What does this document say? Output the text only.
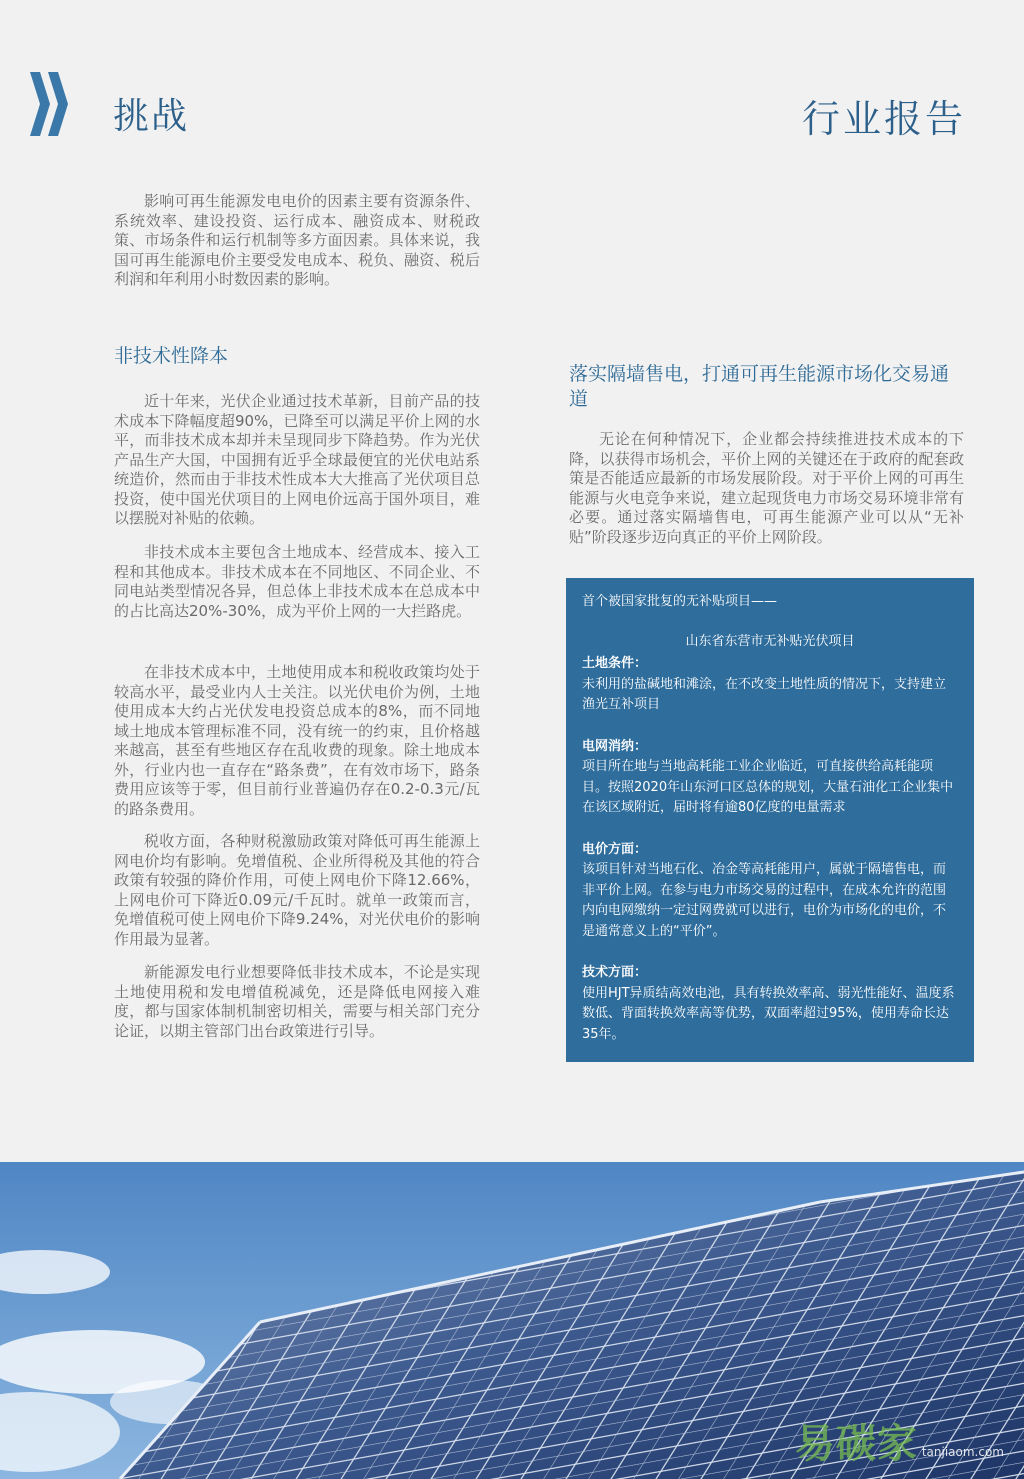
挑战	行业报告

影响可再生能源发电电价的因素主要有资源条件、系统效率、建设投资、运行成本、融资成本、财税政策、市场条件和运行机制等多方面因素。具体来说，我国可再生能源电价主要受发电成本、税负、融资、税后利润和年利用小时数因素的影响。

非技术性降本

近十年来，光伏企业通过技术革新，目前产品的技术成本下降幅度超90%，已降至可以满足平价上网的水平，而非技术成本却并未呈现同步下降趋势。作为光伏产品生产大国，中国拥有近乎全球最便宜的光伏电站系统造价，然而由于非技术性成本大大推高了光伏项目总投资，使中国光伏项目的上网电价远高于国外项目，难以摆脱对补贴的依赖。

非技术成本主要包含土地成本、经营成本、接入工程和其他成本。非技术成本在不同地区、不同企业、不同电站类型情况各异，但总体上非技术成本在总成本中的占比高达20%-30%，成为平价上网的一大拦路虎。

在非技术成本中，土地使用成本和税收政策均处于较高水平，最受业内人士关注。以光伏电价为例，土地使用成本大约占光伏发电投资总成本的8%，而不同地域土地成本管理标准不同，没有统一的约束，且价格越来越高，甚至有些地区存在乱收费的现象。除土地成本外，行业内也一直存在“路条费”，在有效市场下，路条费用应该等于零，但目前行业普遍仍存在0.2-0.3元/瓦的路条费用。

税收方面，各种财税激励政策对降低可再生能源上网电价均有影响。免增值税、企业所得税及其他的符合政策有较强的降价作用，可使上网电价下降12.66%，上网电价可下降近0.09元/千瓦时。就单一政策而言，免增值税可使上网电价下降9.24%，对光伏电价的影响作用最为显著。

新能源发电行业想要降低非技术成本，不论是实现土地使用税和发电增值税减免，还是降低电网接入难度，都与国家体制机制密切相关，需要与相关部门充分论证，以期主管部门出台政策进行引导。

落实隔墙售电，打通可再生能源市场化交易通道

无论在何种情况下，企业都会持续推进技术成本的下降，以获得市场机会，平价上网的关键还在于政府的配套政策是否能适应最新的市场发展阶段。对于平价上网的可再生能源与火电竞争来说，建立起现货电力市场交易环境非常有必要。通过落实隔墙售电，可再生能源产业可以从“无补贴”阶段逐步迈向真正的平价上网阶段。

首个被国家批复的无补贴项目——

山东省东营市无补贴光伏项目

土地条件：

未利用的盐碱地和滩涂，在不改变土地性质的情况下，支持建立渔光互补项目

电网消纳：

项目所在地与当地高耗能工业企业临近，可直接供给高耗能项目。按照2020年山东河口区总体的规划，大量石油化工企业集中在该区域附近，届时将有逾80亿度的电量需求

电价方面：

该项目针对当地石化、冶金等高耗能用户，属就于隔墙售电，而非平价上网。在参与电力市场交易的过程中，在成本允许的范围内向电网缴纳一定过网费就可以进行，电价为市场化的电价，不是通常意义上的“平价”。

技术方面：

使用HJT异质结高效电池，具有转换效率高、弱光性能好、温度系数低、背面转换效率高等优势，双面率超过95%，使用寿命长达35年。

易碳家 tanjiaom.com
